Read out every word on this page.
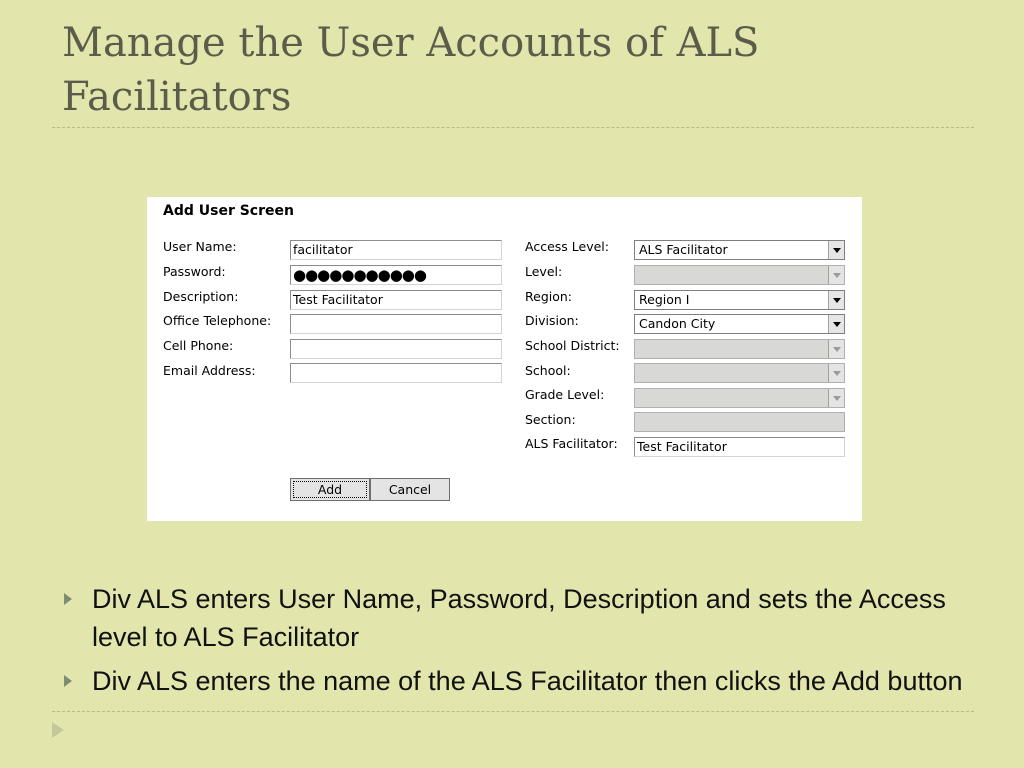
Manage the User Accounts of ALS Facilitators
Add User Screen
User Name:
Password:
Description:
Office Telephone:
Cell Phone:
Email Address:
facilitator
●●●●●●●●●●●
Test Facilitator
Access Level:
Level:
Region:
Division:
School District:
School:
Grade Level:
Section:
ALS Facilitator:
ALS Facilitator
Region I
Candon City
Test Facilitator
Add	Cancel
Div ALS enters User Name, Password, Description and sets the Access level to ALS Facilitator
Div ALS enters the name of the ALS Facilitator then clicks the Add button
